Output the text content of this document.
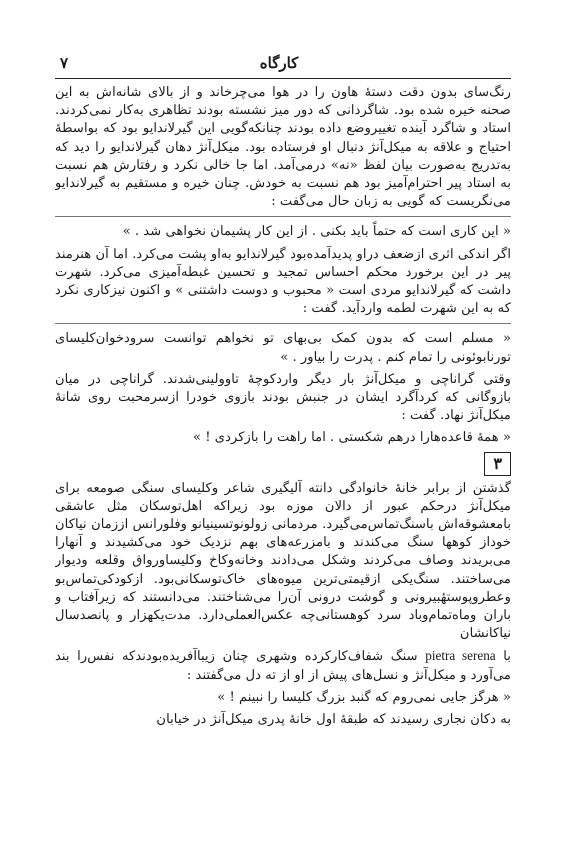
۷	کارگاه

رنگ‌سای بدون دقت دستهٔ هاون را در هوا می‌چرخاند و از بالای شانه‌اش به این صحنه خیره شده بود. شاگردانی که دور میز نشسته بودند تظاهری به‌کار نمی‌کردند. استاد و شاگرد آینده تغییروضع داده بودند چنانکه‌گویی این گیرلاندایو بود که بواسطهٔ احتیاج و علاقه به میکل‌آنژ دنبال او فرستاده بود. میکل‌آنژ دهان گیرلاندایو را دید که به‌تدریج به‌صورت بیان لفظ «نه» درمی‌آمد. اما جا خالی نکرد و رفتارش هم نسبت به استاد پیر احترام‌آمیز بود هم نسبت به خودش. چنان خیره و مستقیم به گیرلاندایو می‌نگریست که گویی به زبان حال می‌گفت :

« این کاری است که حتماً باید بکنی . از این کار پشیمان نخواهی شد . »

اگر اندکی اثری ازضعف دراو پدیدآمده‌بود گیرلاندایو به‌او پشت می‌کرد. اما آن هنرمند پیر در این برخورد محکم احساس تمجید و تحسین غبطه‌آمیزی می‌کرد. شهرت داشت که گیرلاندایو مردی است « محبوب و دوست داشتنی » و اکنون نیزکاری نکرد که به این شهرت لطمه واردآید. گفت :

« مسلم است که بدون کمک بی‌بهای تو نخواهم توانست سرودخوان‌کلیسای تورنابوئونی را تمام کنم . پدرت را بیاور . »

وقتی گراناچی و میکل‌آنژ بار دیگر واردکوچهٔ تاوولینی‌شدند. گراناچی در میان بازوگانی که کردآگرد ایشان در جنبش بودند بازوی خودرا ازسرمحبت روی شانهٔ میکل‌آنژ نهاد. گفت :

« همهٔ قاعده‌هارا درهم شکستی . اما راهت را بازکردی ! »

۳

گذشتن از برابر خانهٔ خانوادگی دانته آلیگیری شاعر وکلیسای سنگی صومعه برای میکل‌آنژ درحکم عبور از دالان موزه بود زیراکه اهل‌توسکان مثل عاشقی بامعشوقه‌اش باسنگ‌تماس‌می‌گیرد. مردمانی زولونوتسینیانو وفلورانس اززمان نیاکان خوداز کوهها سنگ می‌کندند و بامزرعه‌های بهم نزدیک خود می‌کشیدند و آنهارا می‌بریدند وصاف می‌کردند وشکل می‌دادند وخانه‌وکاخ وکلیساورواق وقلعه ودیوار می‌ساختند. سنگ‌یکی ازقیمتی‌ترین میوه‌های خاک‌توسکانی‌بود. ازکودکی‌تماس‌بو وعطروپوستهٔبیرونی و گوشت درونی آن‌را می‌شناختند. می‌دانستند که زیرآفتاب و باران وماه‌تمام‌وباد سرد کوهستانی‌چه عکس‌العملی‌دارد. مدت‌یکهزار و پانصدسال نیاکانشان

با pietra serena سنگ شفاف‌کارکرده وشهری چنان زیباآفریده‌بودندکه نفس‌را بند می‌آورد و میکل‌آنژ و نسل‌های پیش از او از ته دل می‌گفتند :

« هرگز جایی نمی‌روم که گنبد بزرگ کلیسا را نبینم ! »

به دکان نجاری رسیدند که طبقهٔ اول خانهٔ پدری میکل‌آنژ در خیابان
